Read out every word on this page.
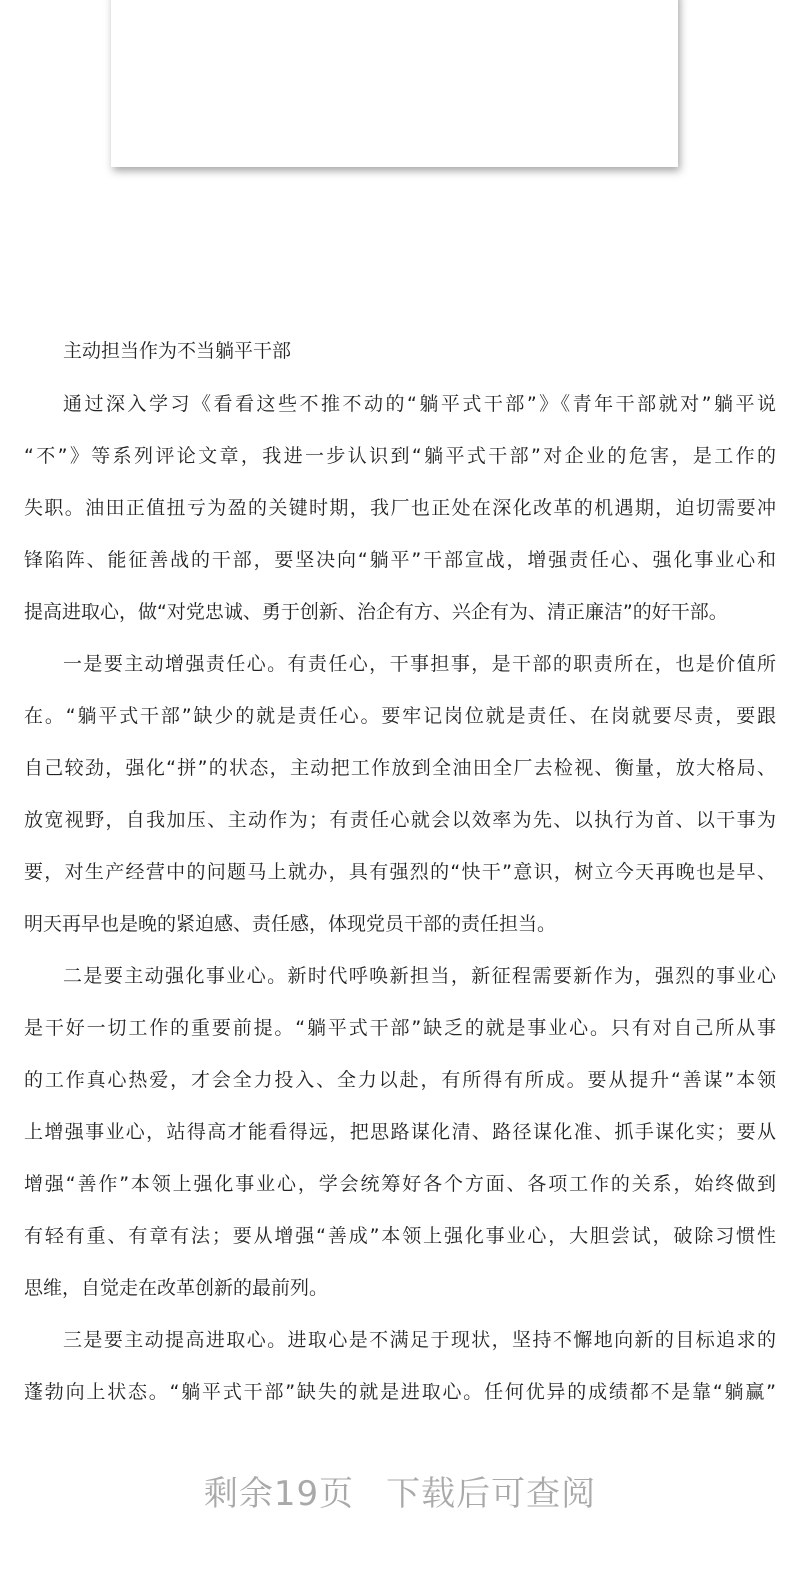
主动担当作为不当躺平干部
通过深入学习《看看这些不推不动的“躺平式干部”》《青年干部就对”躺平说
“不”》等系列评论文章，我进一步认识到“躺平式干部”对企业的危害，是工作的
失职。油田正值扭亏为盈的关键时期，我厂也正处在深化改革的机遇期，迫切需要冲
锋陷阵、能征善战的干部，要坚决向“躺平”干部宣战，增强责任心、强化事业心和
提高进取心，做“对党忠诚、勇于创新、治企有方、兴企有为、清正廉洁”的好干部。
一是要主动增强责任心。有责任心，干事担事，是干部的职责所在，也是价值所
在。“躺平式干部”缺少的就是责任心。要牢记岗位就是责任、在岗就要尽责，要跟
自己较劲，强化“拼”的状态，主动把工作放到全油田全厂去检视、衡量，放大格局、
放宽视野，自我加压、主动作为；有责任心就会以效率为先、以执行为首、以干事为
要，对生产经营中的问题马上就办，具有强烈的“快干”意识，树立今天再晚也是早、
明天再早也是晚的紧迫感、责任感，体现党员干部的责任担当。
二是要主动强化事业心。新时代呼唤新担当，新征程需要新作为，强烈的事业心
是干好一切工作的重要前提。“躺平式干部”缺乏的就是事业心。只有对自己所从事
的工作真心热爱，才会全力投入、全力以赴，有所得有所成。要从提升“善谋”本领
上增强事业心，站得高才能看得远，把思路谋化清、路径谋化准、抓手谋化实；要从
增强“善作”本领上强化事业心，学会统筹好各个方面、各项工作的关系，始终做到
有轻有重、有章有法；要从增强“善成”本领上强化事业心，大胆尝试，破除习惯性
思维，自觉走在改革创新的最前列。
三是要主动提高进取心。进取心是不满足于现状，坚持不懈地向新的目标追求的
蓬勃向上状态。“躺平式干部”缺失的就是进取心。任何优异的成绩都不是靠“躺赢”
剩余19页 下载后可查阅
